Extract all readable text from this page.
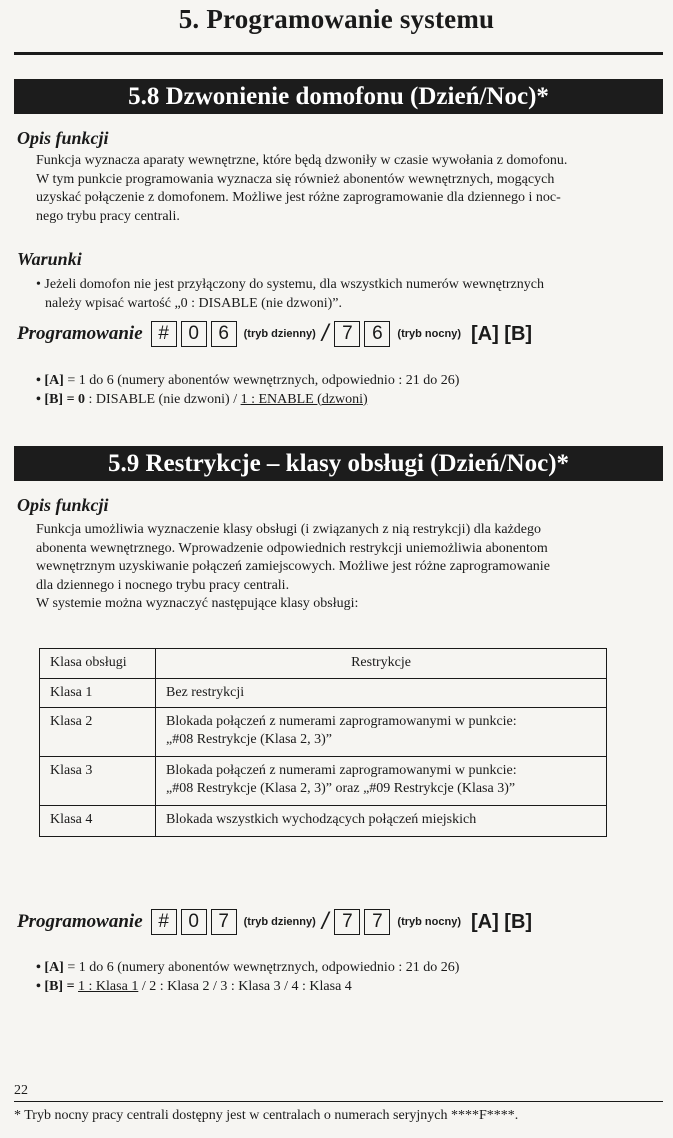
5. Programowanie systemu
5.8 Dzwonienie domofonu (Dzień/Noc)*
Opis funkcji
Funkcja wyznacza aparaty wewnętrzne, które będą dzwoniły w czasie wywołania z domofonu.
W tym punkcie programowania wyznacza się również abonentów wewnętrznych, mogących
uzyskać połączenie z domofonem. Możliwe jest różne zaprogramowanie dla dziennego i noc-
nego trybu pracy centrali.
Warunki
• Jeżeli domofon nie jest przyłączony do systemu, dla wszystkich numerów wewnętrznych
należy wpisać wartość „0 : DISABLE (nie dzwoni)”.
Programowanie #	0	6	(tryb dzienny) / 7	6	(tryb nocny) [A] [B]
• [A] = 1 do 6 (numery abonentów wewnętrznych, odpowiednio : 21 do 26)
• [B] = 0 : DISABLE (nie dzwoni) / 1 : ENABLE (dzwoni)
5.9 Restrykcje – klasy obsługi (Dzień/Noc)*
Opis funkcji
Funkcja umożliwia wyznaczenie klasy obsługi (i związanych z nią restrykcji) dla każdego
abonenta wewnętrznego. Wprowadzenie odpowiednich restrykcji uniemożliwia abonentom
wewnętrznym uzyskiwanie połączeń zamiejscowych. Możliwe jest różne zaprogramowanie
dla dziennego i nocnego trybu pracy centrali.
W systemie można wyznaczyć następujące klasy obsługi:
Klasa obsługi	Restrykcje
Klasa 1	Bez restrykcji

Klasa 2	Blokada połączeń z numerami zaprogramowanymi w punkcie:
„#08 Restrykcje (Klasa 2, 3)”

Klasa 3	Blokada połączeń z numerami zaprogramowanymi w punkcie:
„#08 Restrykcje (Klasa 2, 3)” oraz „#09 Restrykcje (Klasa 3)”

Klasa 4	Blokada wszystkich wychodzących połączeń miejskich
Programowanie #	0	7	(tryb dzienny) / 7	7	(tryb nocny) [A] [B]
• [A] = 1 do 6 (numery abonentów wewnętrznych, odpowiednio : 21 do 26)
• [B] = 1 : Klasa 1 / 2 : Klasa 2 / 3 : Klasa 3 / 4 : Klasa 4
22
* Tryb nocny pracy centrali dostępny jest w centralach o numerach seryjnych ****F****.
